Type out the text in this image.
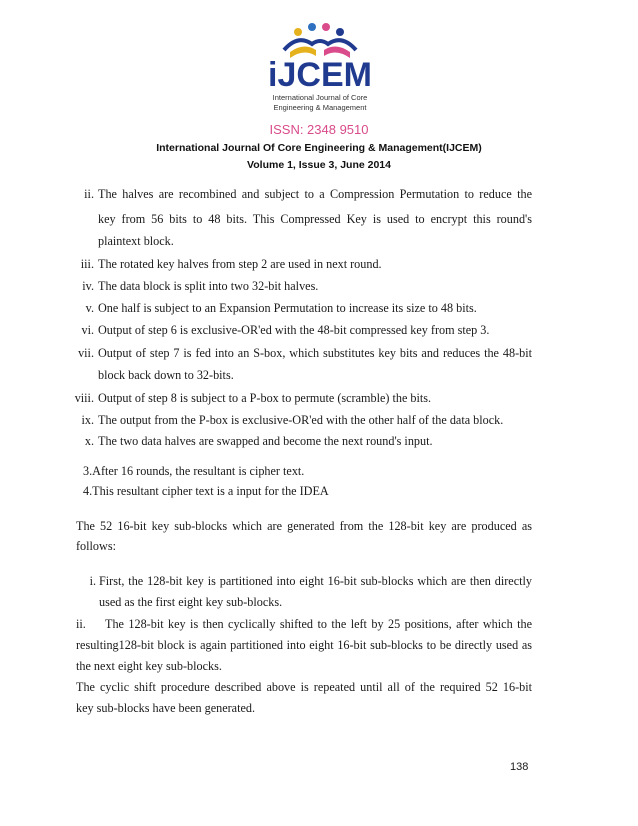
iJCEM
International Journal of Core
Engineering & Management
ISSN: 2348 9510
International Journal Of Core Engineering & Management(IJCEM)
Volume 1, Issue 3, June 2014
ii. The halves are recombined and subject to a Compression Permutation to reduce the
key from 56 bits to 48 bits. This Compressed Key is used to encrypt this round's
plaintext block.
iii. The rotated key halves from step 2 are used in next round.
iv. The data block is split into two 32-bit halves.
v. One half is subject to an Expansion Permutation to increase its size to 48 bits.
vi. Output of step 6 is exclusive-OR'ed with the 48-bit compressed key from step 3.
vii. Output of step 7 is fed into an S-box, which substitutes key bits and reduces the 48-bit
block back down to 32-bits.
viii. Output of step 8 is subject to a P-box to permute (scramble) the bits.
ix. The output from the P-box is exclusive-OR'ed with the other half of the data block.
x. The two data halves are swapped and become the next round's input.
3.After 16 rounds, the resultant is cipher text.
4.This resultant cipher text is a input for the IDEA
The 52 16-bit key sub-blocks which are generated from the 128-bit key are produced as
follows:
i. First, the 128-bit key is partitioned into eight 16-bit sub-blocks which are then directly
used as the first eight key sub-blocks.
ii. The 128-bit key is then cyclically shifted to the left by 25 positions, after which the
resulting128-bit block is again partitioned into eight 16-bit sub-blocks to be directly used as
the next eight key sub-blocks.
The cyclic shift procedure described above is repeated until all of the required 52 16-bit
key sub-blocks have been generated.
138
